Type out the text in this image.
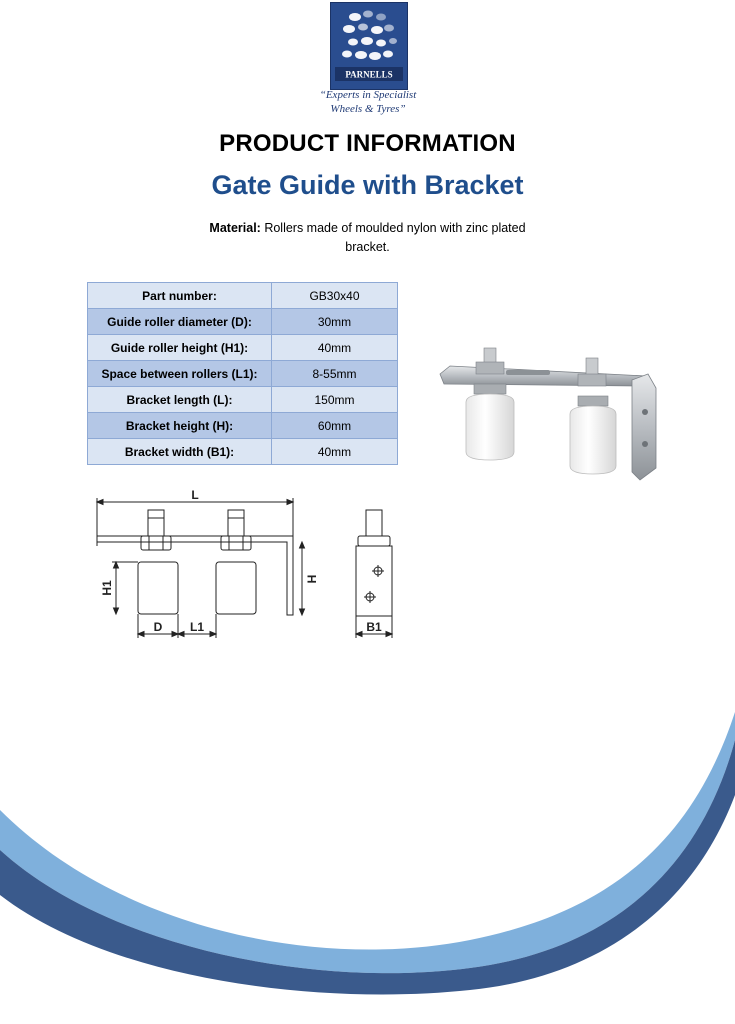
PARNELLS
“Experts in Specialist
Wheels & Tyres”
PRODUCT INFORMATION
Gate Guide with Bracket
Material: Rollers made of moulded nylon with zinc plated bracket.
Part number:	GB30x40
Guide roller diameter (D):	30mm
Guide roller height (H1):	40mm
Space between rollers (L1):	8-55mm
Bracket length (L):	150mm
Bracket height (H):	60mm
Bracket width (B1):	40mm
L
H1
H
D L1	B1
